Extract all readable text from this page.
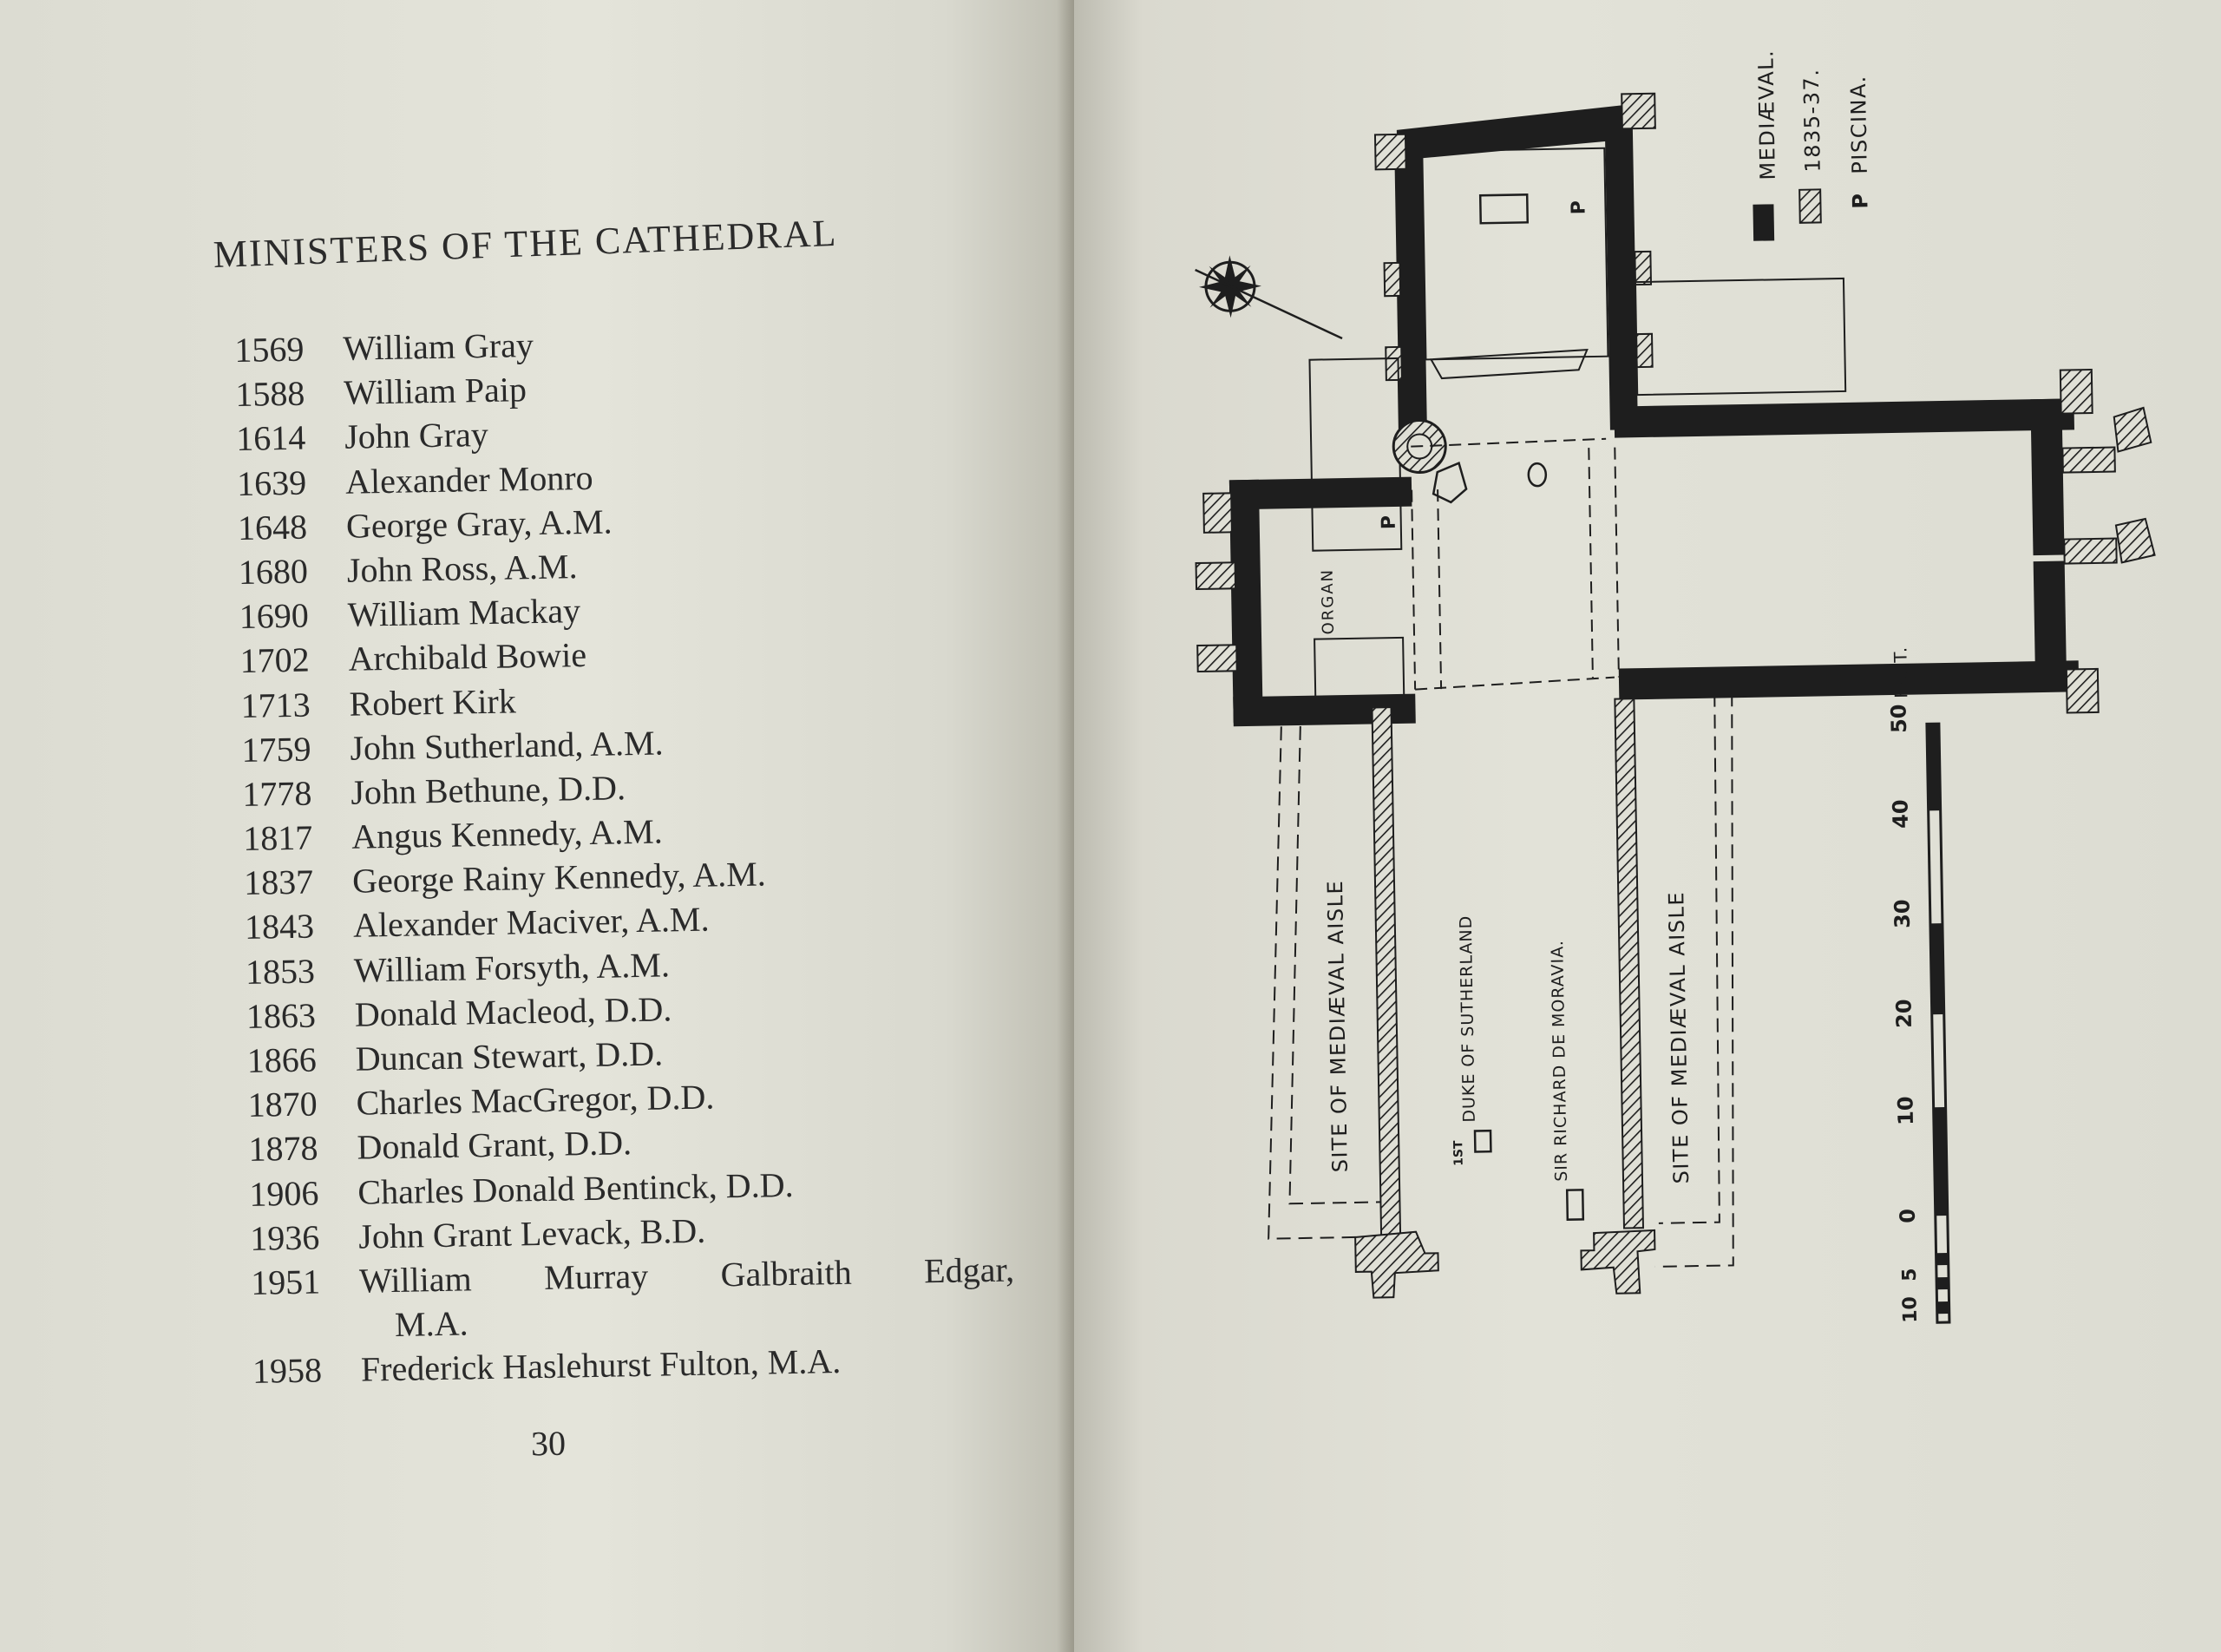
MINISTERS OF THE CATHEDRAL
1569	William Gray
1588	William Paip
1614	John Gray
1639	Alexander Monro
1648	George Gray, A.M.
1680	John Ross, A.M.
1690	William Mackay
1702	Archibald Bowie
1713	Robert Kirk
1759	John Sutherland, A.M.
1778	John Bethune, D.D.
1817	Angus Kennedy, A.M.
1837	George Rainy Kennedy, A.M.
1843	Alexander Maciver, A.M.
1853	William Forsyth, A.M.
1863	Donald Macleod, D.D.
1866	Duncan Stewart, D.D.
1870	Charles MacGregor, D.D.
1878	Donald Grant, D.D.
1906	Charles Donald Bentinck, D.D.
1936	John Grant Levack, B.D.
1951	William Murray Galbraith Edgar,
M.A.
1958	Frederick Haslehurst Fulton, M.A.
30
P
P
ORGAN
SITE OF MEDIÆVAL AISLE	SITE OF MEDIÆVAL AISLE
1ST
DUKE OF SUTHERLAND	SIR RICHARD DE MORAVIA.
MEDIÆVAL. 1835-37.
P
PISCINA.
50
FEET.
40
30
20
10
0
5
10
